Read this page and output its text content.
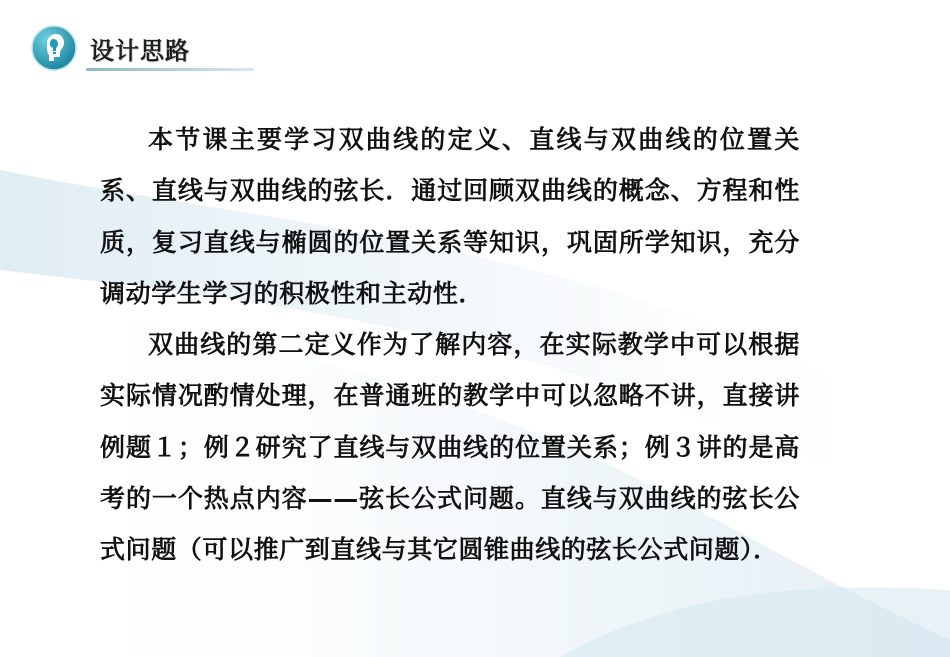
设计思路

本节课主要学习双曲线的定义、直线与双曲线的位置关系、直线与双曲线的弦长．通过回顾双曲线的概念、方程和性质，复习直线与椭圆的位置关系等知识，巩固所学知识，充分调动学生学习的积极性和主动性．

双曲线的第二定义作为了解内容，在实际教学中可以根据实际情况酌情处理，在普通班的教学中可以忽略不讲，直接讲例题１；例２研究了直线与双曲线的位置关系；例３讲的是高考的一个热点内容——弦长公式问题。直线与双曲线的弦长公式问题（可以推广到直线与其它圆锥曲线的弦长公式问题）．
